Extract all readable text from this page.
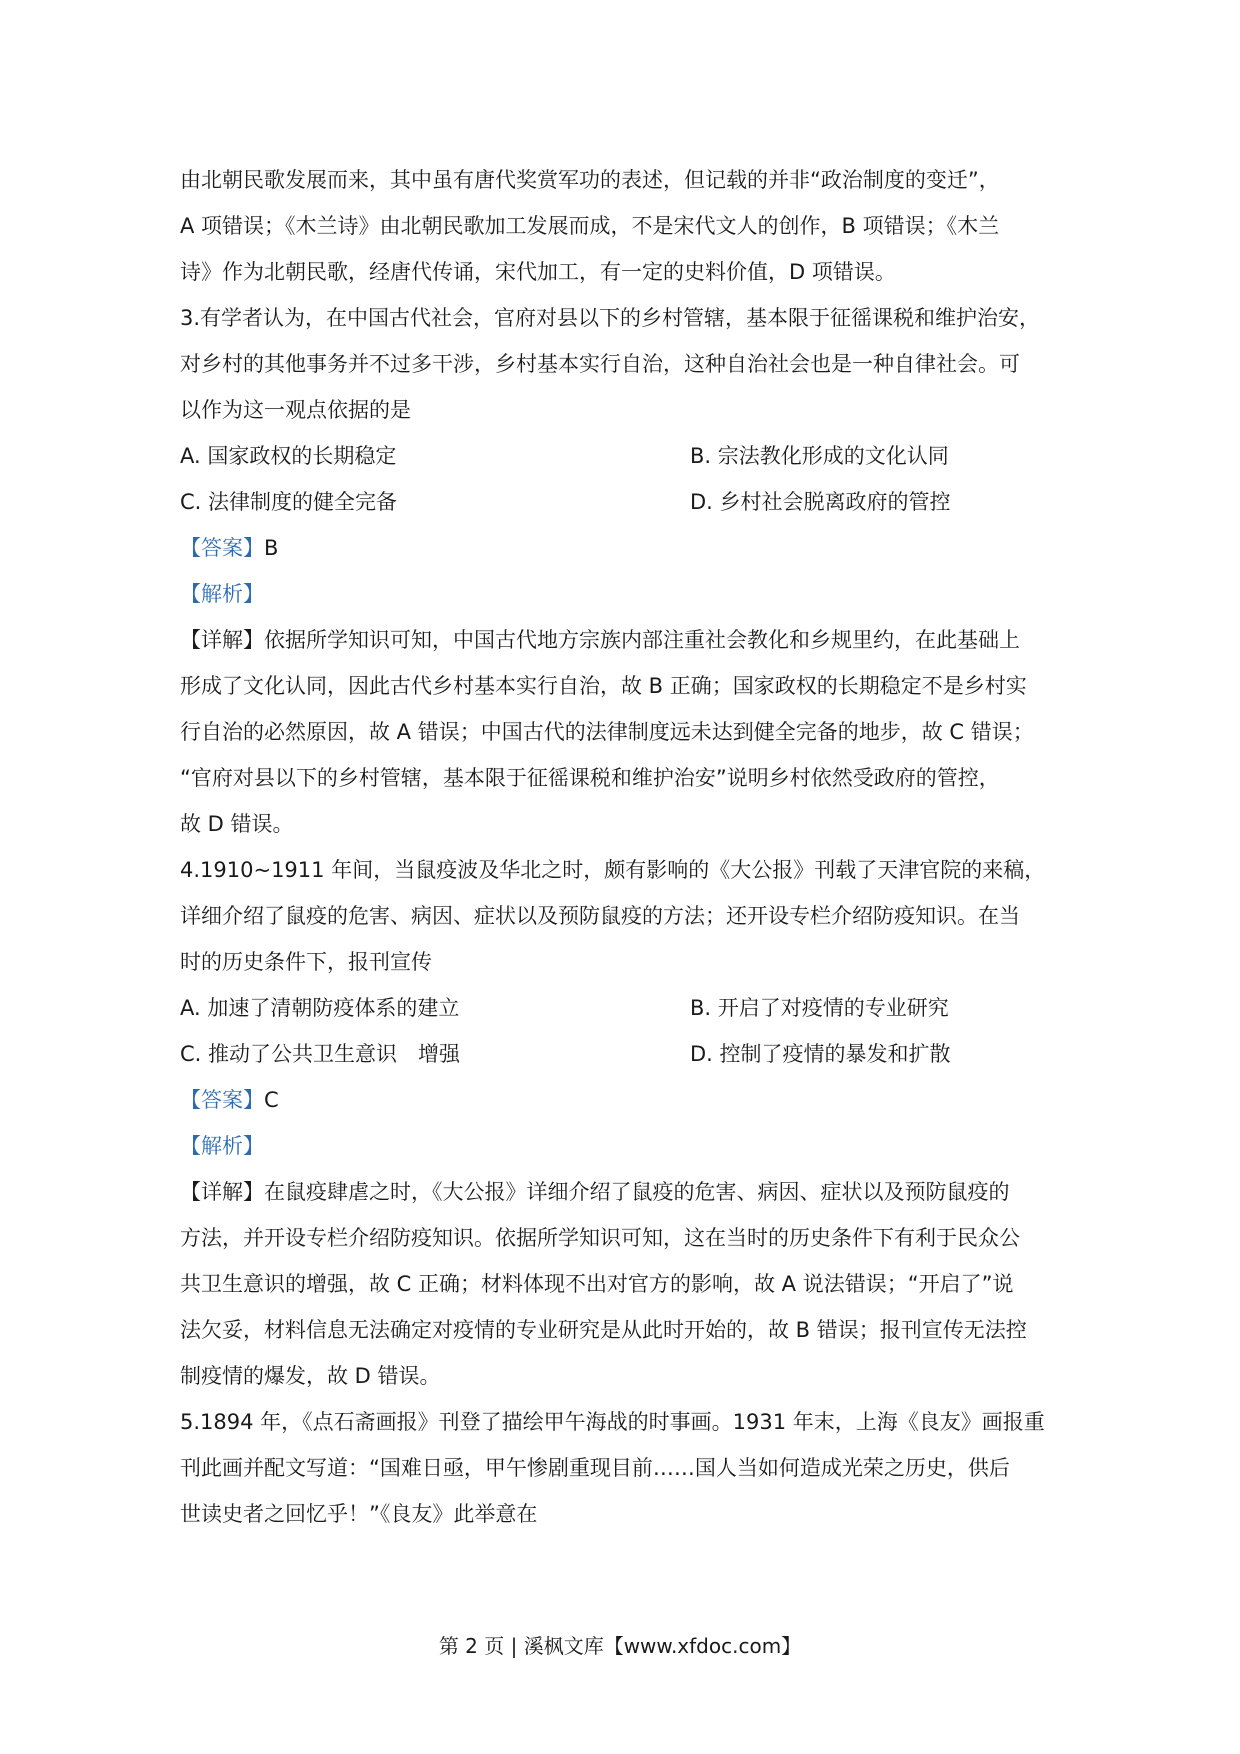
由北朝民歌发展而来，其中虽有唐代奖赏军功的表述，但记载的并非“政治制度的变迁”，
A 项错误；《木兰诗》由北朝民歌加工发展而成，不是宋代文人的创作，B 项错误；《木兰
诗》作为北朝民歌，经唐代传诵，宋代加工，有一定的史料价值，D 项错误。
3.有学者认为，在中国古代社会，官府对县以下的乡村管辖，基本限于征徭课税和维护治安，
对乡村的其他事务并不过多干涉，乡村基本实行自治，这种自治社会也是一种自律社会。可
以作为这一观点依据的是
A. 国家政权的长期稳定	B. 宗法教化形成的文化认同
C. 法律制度的健全完备	D. 乡村社会脱离政府的管控
【答案】B
【解析】
【详解】依据所学知识可知，中国古代地方宗族内部注重社会教化和乡规里约，在此基础上
形成了文化认同，因此古代乡村基本实行自治，故 B 正确；国家政权的长期稳定不是乡村实
行自治的必然原因，故 A 错误；中国古代的法律制度远未达到健全完备的地步，故 C 错误；
“官府对县以下的乡村管辖，基本限于征徭课税和维护治安”说明乡村依然受政府的管控，
故 D 错误。
4.1910~1911 年间，当鼠疫波及华北之时，颇有影响的《大公报》刊载了天津官院的来稿，
详细介绍了鼠疫的危害、病因、症状以及预防鼠疫的方法；还开设专栏介绍防疫知识。在当
时的历史条件下，报刊宣传
A. 加速了清朝防疫体系的建立	B. 开启了对疫情的专业研究
C. 推动了公共卫生意识　增强	D. 控制了疫情的暴发和扩散
【答案】C
【解析】
【详解】在鼠疫肆虐之时，《大公报》详细介绍了鼠疫的危害、病因、症状以及预防鼠疫的
方法，并开设专栏介绍防疫知识。依据所学知识可知，这在当时的历史条件下有利于民众公
共卫生意识的增强，故 C 正确；材料体现不出对官方的影响，故 A 说法错误；“开启了”说
法欠妥，材料信息无法确定对疫情的专业研究是从此时开始的，故 B 错误；报刊宣传无法控
制疫情的爆发，故 D 错误。
5.1894 年，《点石斋画报》刊登了描绘甲午海战的时事画。1931 年末，上海《良友》画报重
刊此画并配文写道：“国难日亟，甲午惨剧重现目前……国人当如何造成光荣之历史，供后
世读史者之回忆乎！”《良友》此举意在
第 2 页 | 溪枫文库【www.xfdoc.com】
